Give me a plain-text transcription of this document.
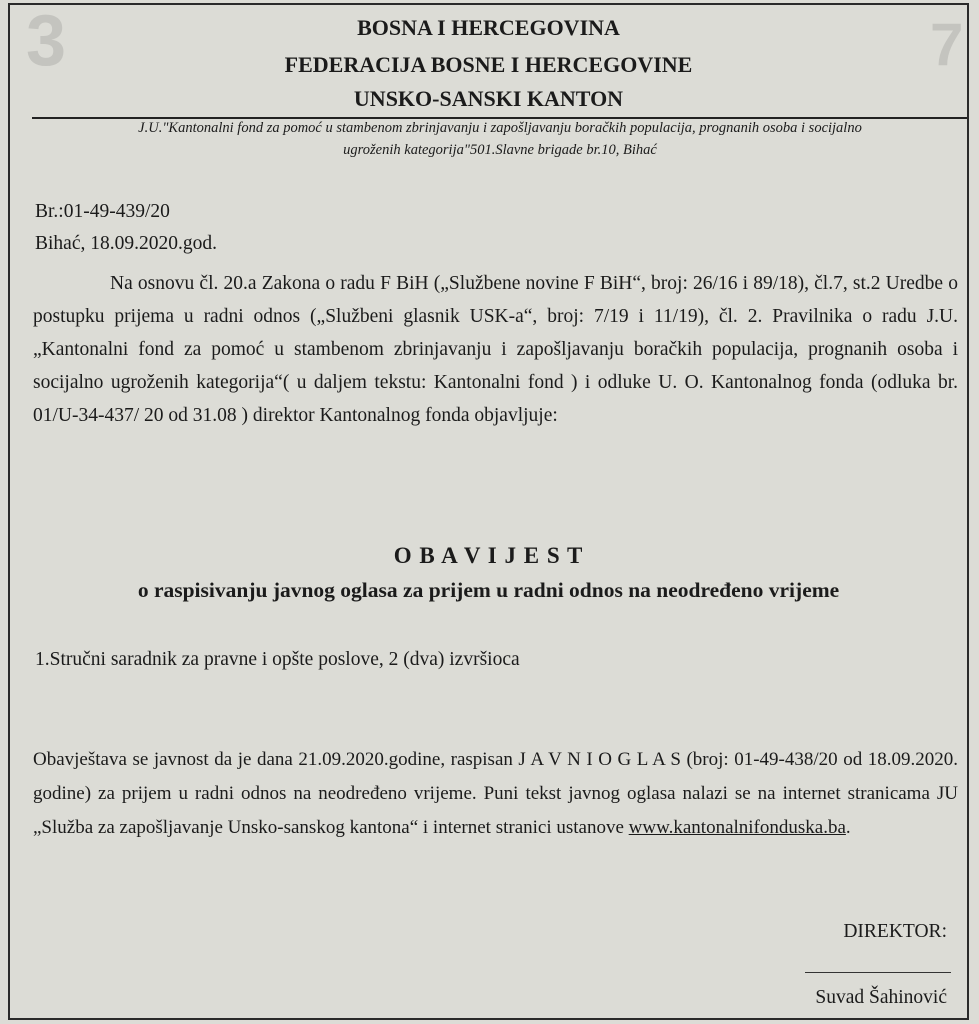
3	7
BOSNA I HERCEGOVINA
FEDERACIJA BOSNE I HERCEGOVINE
UNSKO-SANSKI KANTON
J.U."Kantonalni fond za pomoć u stambenom zbrinjavanju i zapošljavanju boračkih populacija, prognanih osoba i socijalno
ugroženih kategorija"501.Slavne brigade br.10, Bihać
Br.:01-49-439/20
Bihać, 18.09.2020.god.
Na osnovu čl. 20.a Zakona o radu F BiH („Službene novine F BiH“, broj: 26/16 i 89/18), čl.7, st.2 Uredbe o postupku prijema u radni odnos („Službeni glasnik USK-a“, broj: 7/19 i 11/19), čl. 2. Pravilnika o radu J.U.„Kantonalni fond za pomoć u stambenom zbrinjavanju i zapošljavanju boračkih populacija, prognanih osoba i socijalno ugroženih kategorija“( u daljem tekstu: Kantonalni fond ) i odluke U. O. Kantonalnog fonda (odluka br. 01/U-34-437/ 20 od 31.08 ) direktor Kantonalnog fonda objavljuje:
O B A V I J E S T
o raspisivanju javnog oglasa za prijem u radni odnos na neodređeno vrijeme
1.Stručni saradnik za pravne i opšte poslove, 2 (dva) izvršioca
Obavještava se javnost da je dana 21.09.2020.godine, raspisan J A V N I O G L A S (broj: 01-49-438/20 od 18.09.2020. godine) za prijem u radni odnos na neodređeno vrijeme. Puni tekst javnog oglasa nalazi se na internet stranicama JU „Služba za zapošljavanje Unsko-sanskog kantona“ i internet stranici ustanove www.kantonalnifonduska.ba.
DIREKTOR:
Suvad Šahinović
